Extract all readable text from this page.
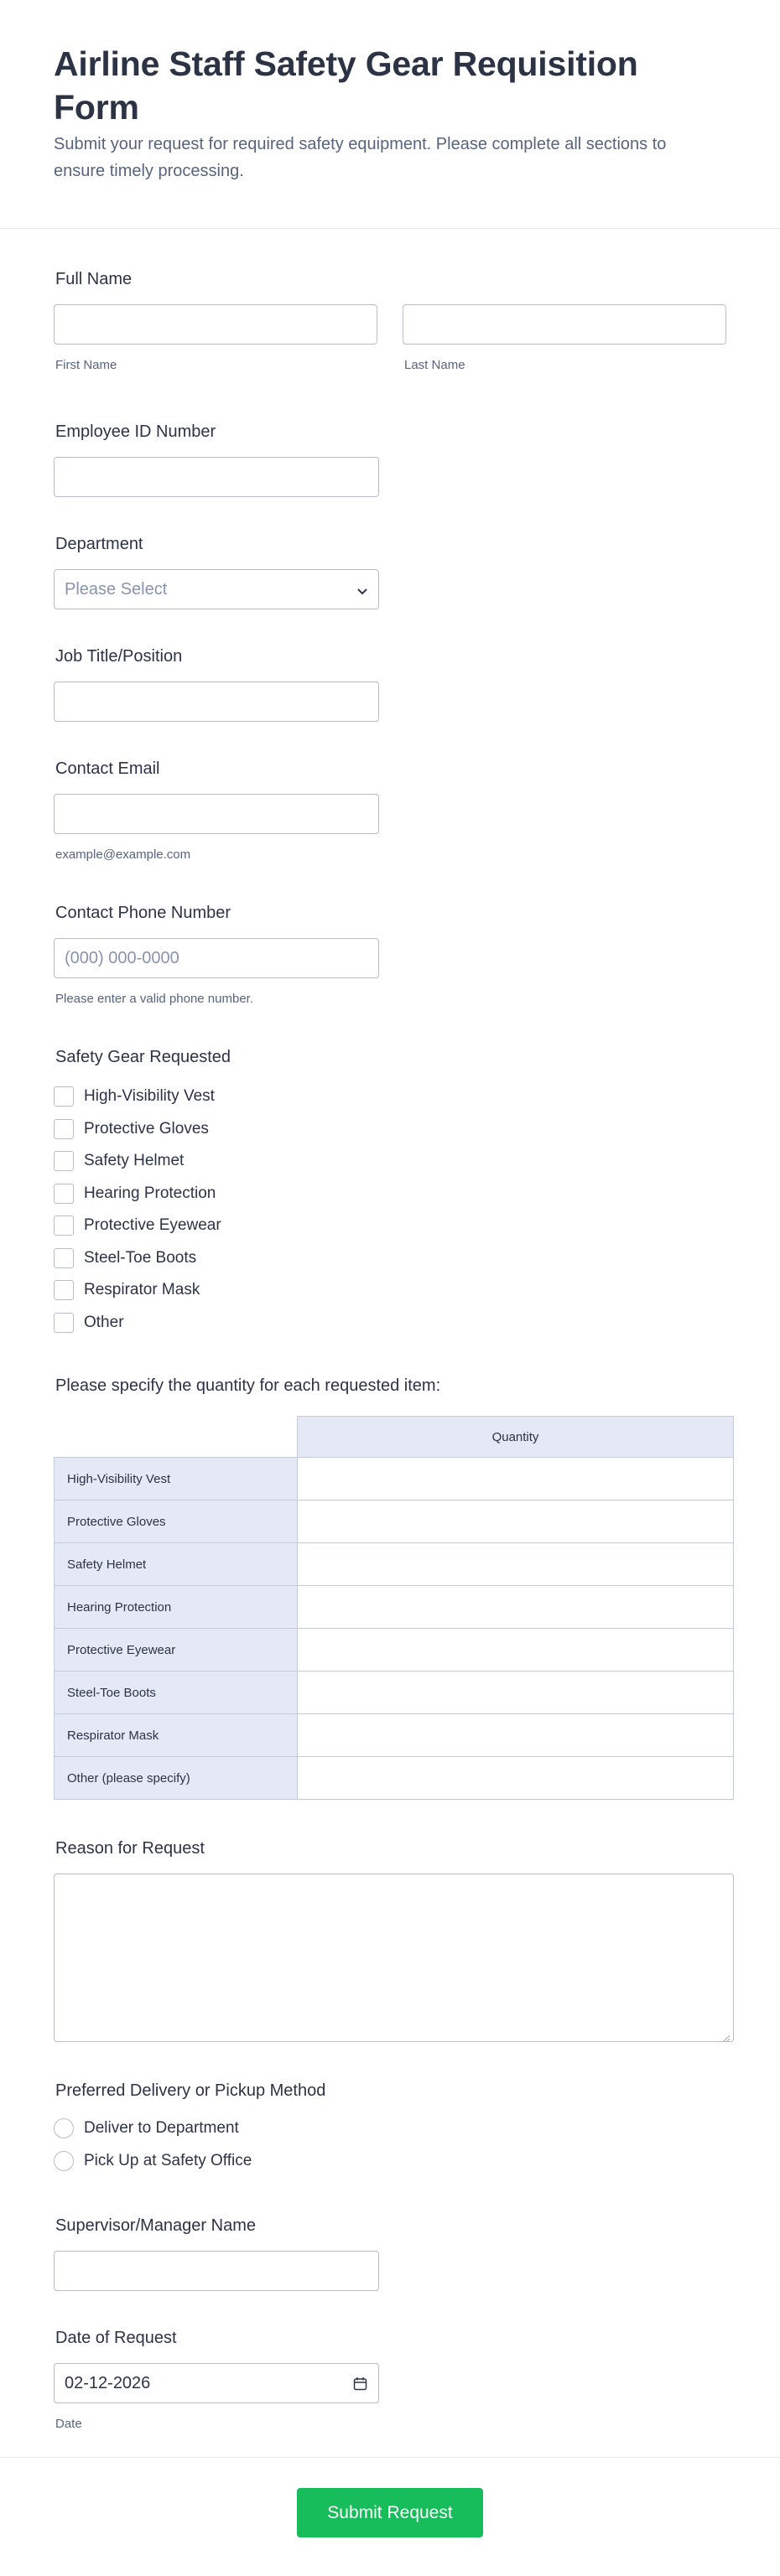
Airline Staff Safety Gear Requisition Form

Submit your request for required safety equipment. Please complete all sections to ensure timely processing.

Full Name
First Name	Last Name
Employee ID Number
Department
Please Select
Job Title/Position
Contact Email
example@example.com
Contact Phone Number
(000) 000-0000
Please enter a valid phone number.
Safety Gear Requested
High-Visibility Vest
Protective Gloves
Safety Helmet
Hearing Protection
Protective Eyewear
Steel-Toe Boots
Respirator Mask
Other
Please specify the quantity for each requested item:
	Quantity
High-Visibility Vest	
Protective Gloves	
Safety Helmet	
Hearing Protection	
Protective Eyewear	
Steel-Toe Boots	
Respirator Mask	
Other (please specify)	
Reason for Request
Preferred Delivery or Pickup Method
Deliver to Department
Pick Up at Safety Office
Supervisor/Manager Name
Date of Request
02-12-2026
Date
Submit Request
